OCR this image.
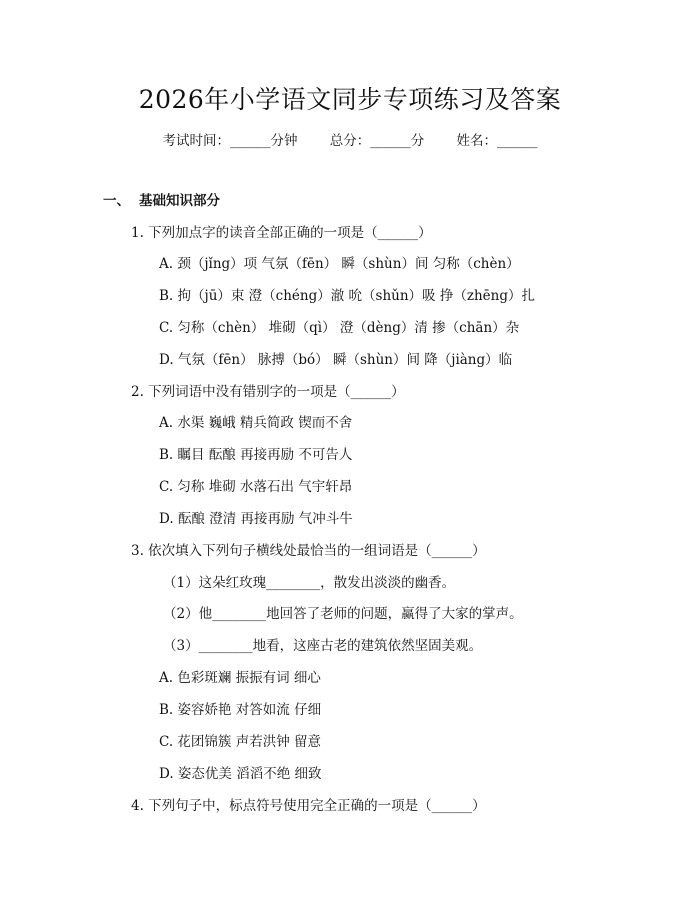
2026年小学语文同步专项练习及答案
考试时间：______分钟 总分：______分 姓名：______
一、 基础知识部分
1. 下列加点字的读音全部正确的一项是（______）
A. 颈（jǐng）项 气氛（fēn） 瞬（shùn）间 匀称（chèn）
B. 拘（jū）束 澄（chéng）澈 吮（shǔn）吸 挣（zhēng）扎
C. 匀称（chèn） 堆砌（qì） 澄（dèng）清 掺（chān）杂
D. 气氛（fēn） 脉搏（bó） 瞬（shùn）间 降（jiàng）临
2. 下列词语中没有错别字的一项是（______）
A. 水渠 巍峨 精兵简政 锲而不舍
B. 瞩目 酝酿 再接再励 不可告人
C. 匀称 堆砌 水落石出 气宇轩昂
D. 酝酿 澄清 再接再励 气冲斗牛
3. 依次填入下列句子横线处最恰当的一组词语是（______）
（1）这朵红玫瑰________，散发出淡淡的幽香。
（2）他________地回答了老师的问题，赢得了大家的掌声。
（3）________地看，这座古老的建筑依然坚固美观。
A. 色彩斑斓 振振有词 细心
B. 姿容娇艳 对答如流 仔细
C. 花团锦簇 声若洪钟 留意
D. 姿态优美 滔滔不绝 细致
4. 下列句子中，标点符号使用完全正确的一项是（______）
